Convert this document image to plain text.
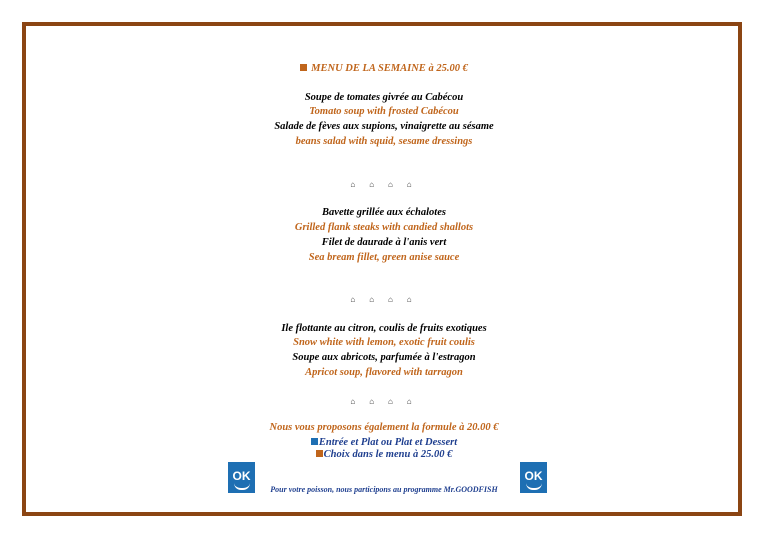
MENU DE LA SEMAINE à 25.00 €
Soupe de tomates givrée au Cabécou
Tomato soup with frosted Cabécou
Salade de fèves aux supions, vinaigrette au sésame
beans salad with squid, sesame dressings
⌂ ⌂ ⌂ ⌂
Bavette grillée aux échalotes
Grilled flank steaks with candied shallots
Filet de daurade à l'anis vert
Sea bream fillet, green anise sauce
⌂ ⌂ ⌂ ⌂
Ile flottante au citron, coulis de fruits exotiques
Snow white with lemon, exotic fruit coulis
Soupe aux abricots, parfumée à l'estragon
Apricot soup, flavored with tarragon
⌂ ⌂ ⌂ ⌂
Nous vous proposons également la formule à 20.00 €
Entrée et Plat ou Plat et Dessert
Choix dans le menu à 25.00 €
Pour votre poisson, nous participons au programme Mr.GOODFISH
OK	OK
